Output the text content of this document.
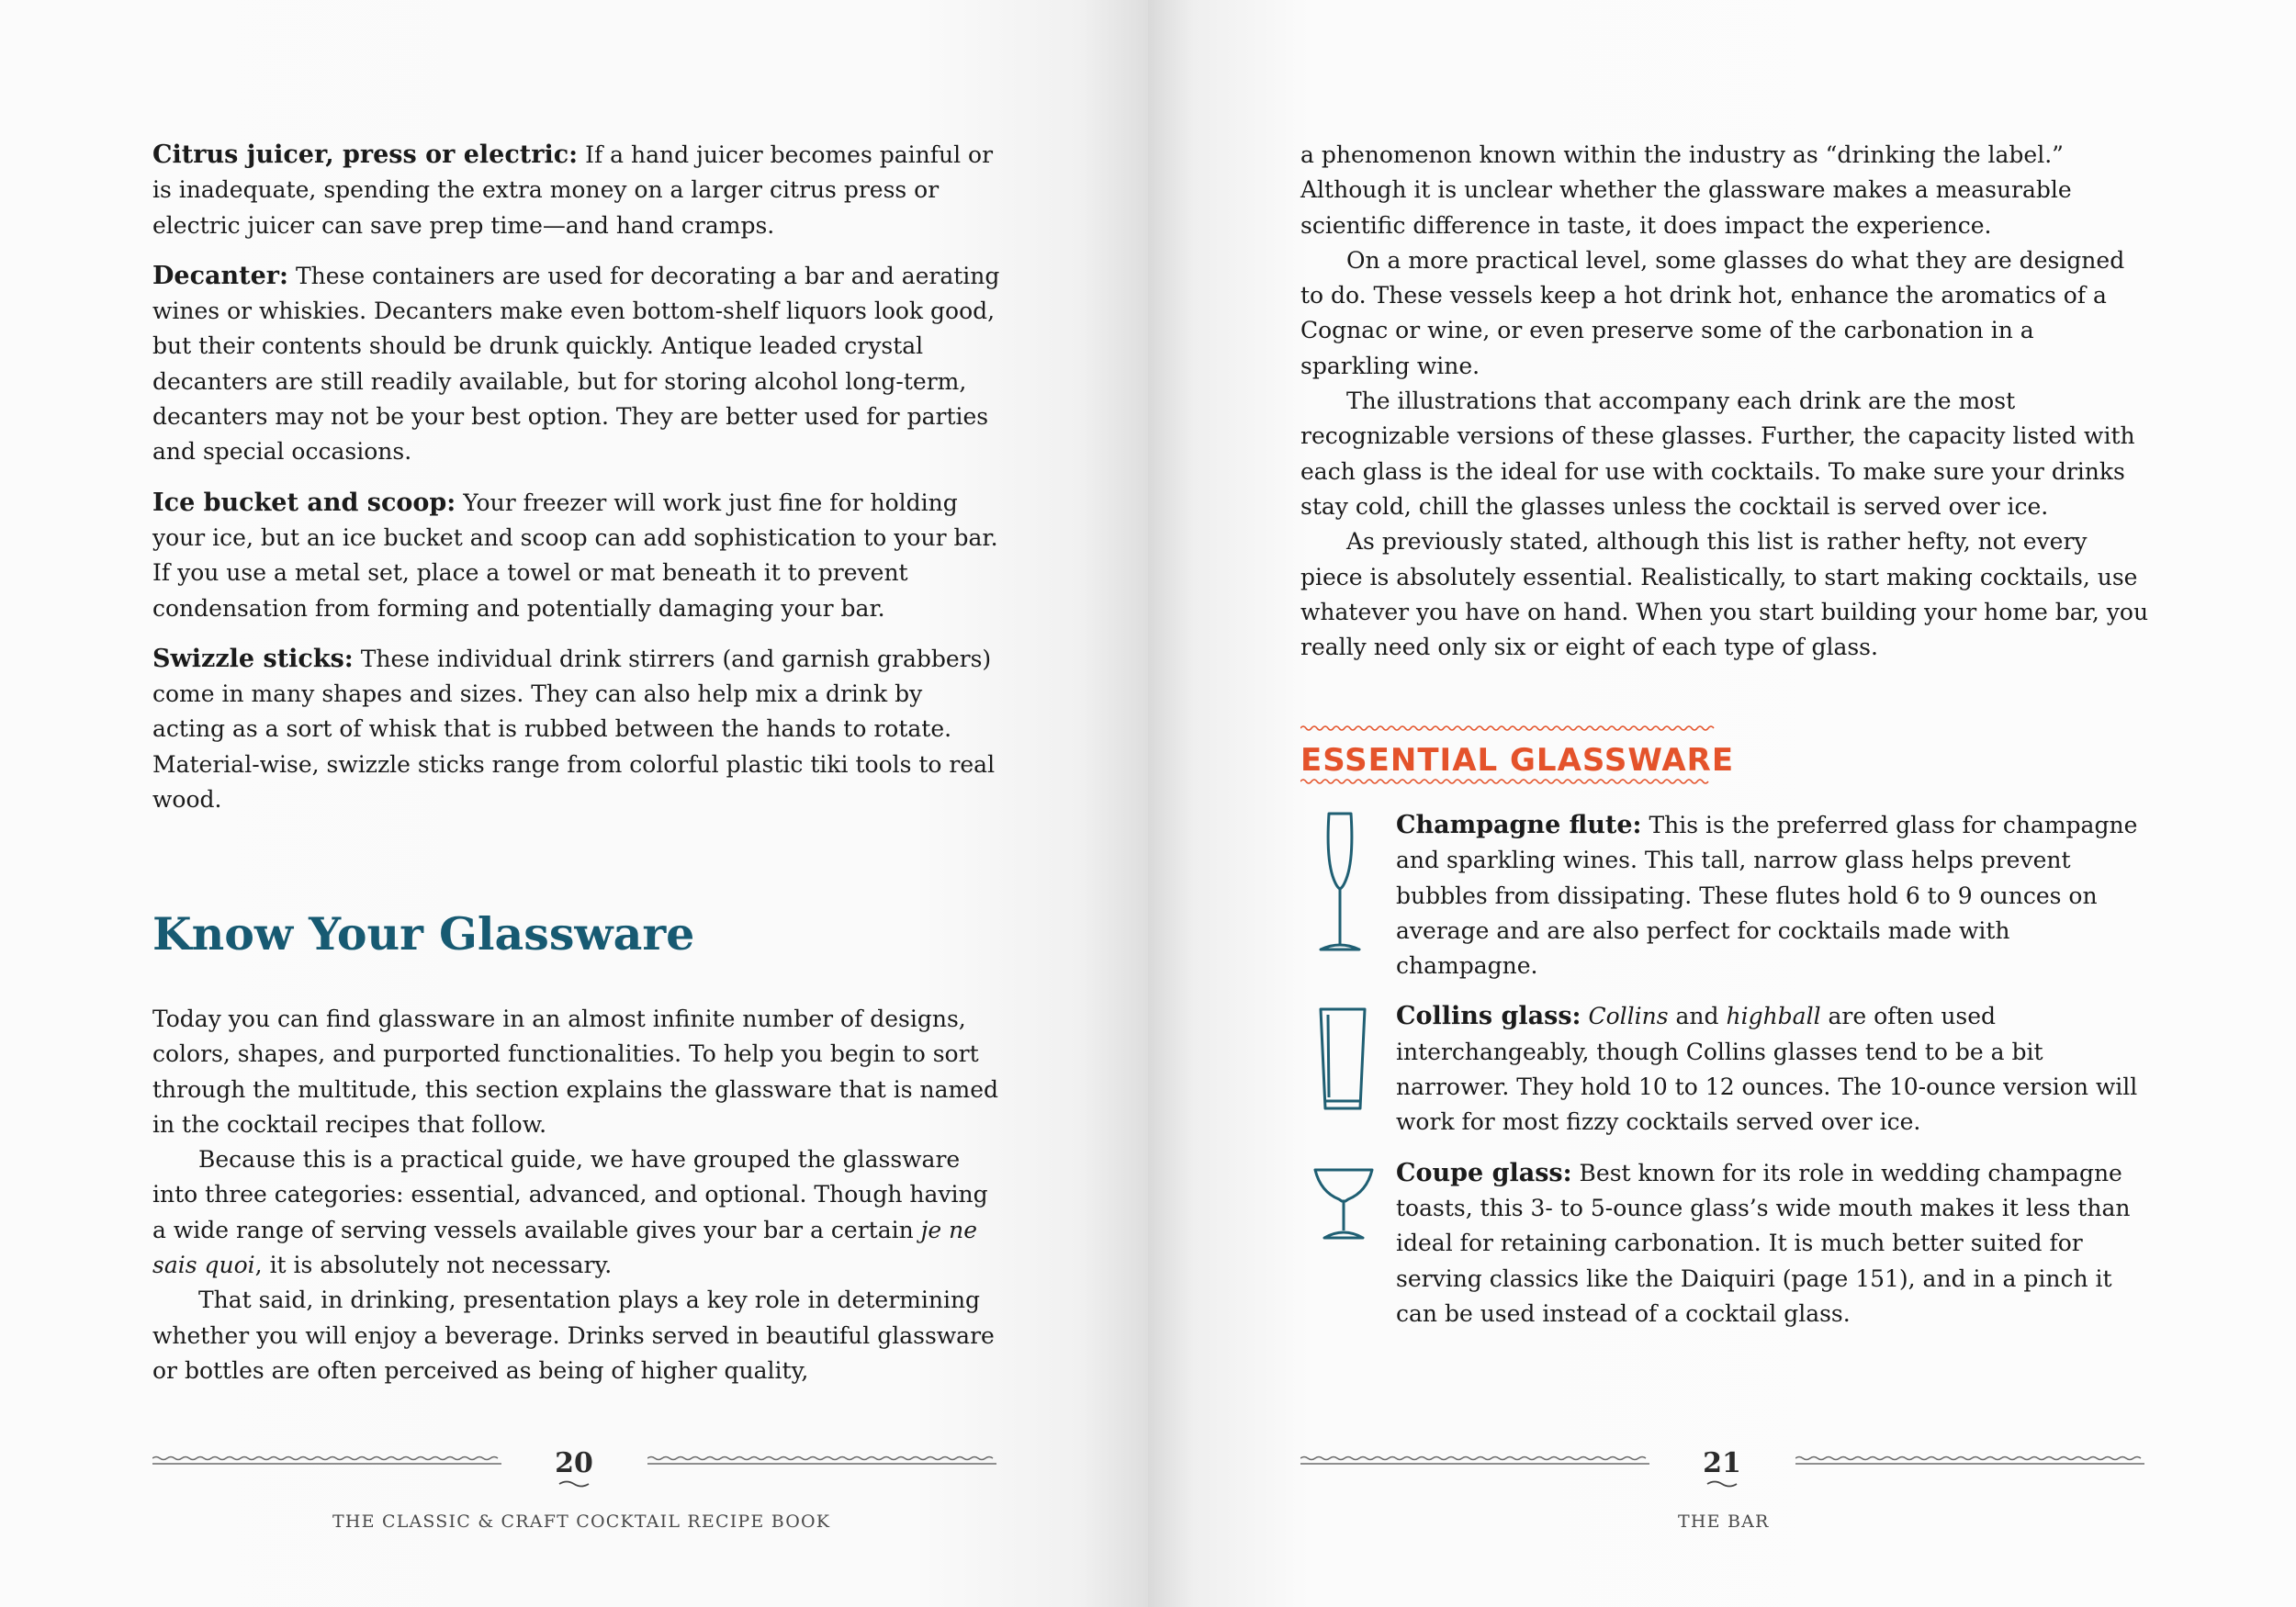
Citrus juicer, press or electric: If a hand juicer becomes painful or is inadequate, spending the extra money on a larger citrus press or electric juicer can save prep time—and hand cramps.

Decanter: These containers are used for decorating a bar and aerating wines or whiskies. Decanters make even bottom-shelf liquors look good, but their contents should be drunk quickly. Antique leaded crystal decanters are still readily available, but for storing alcohol long-term, decanters may not be your best option. They are better used for parties and special occasions.

Ice bucket and scoop: Your freezer will work just fine for holding your ice, but an ice bucket and scoop can add sophistication to your bar. If you use a metal set, place a towel or mat beneath it to prevent condensation from forming and potentially damaging your bar.

Swizzle sticks: These individual drink stirrers (and garnish grabbers) come in many shapes and sizes. They can also help mix a drink by acting as a sort of whisk that is rubbed between the hands to rotate. Material-wise, swizzle sticks range from colorful plastic tiki tools to real wood.

Know Your Glassware

Today you can find glassware in an almost infinite number of designs, colors, shapes, and purported functionalities. To help you begin to sort through the multitude, this section explains the glassware that is named in the cocktail recipes that follow.

Because this is a practical guide, we have grouped the glassware into three categories: essential, advanced, and optional. Though having a wide range of serving vessels available gives your bar a certain je ne sais quoi, it is absolutely not necessary.

That said, in drinking, presentation plays a key role in determining whether you will enjoy a beverage. Drinks served in beautiful glassware or bottles are often perceived as being of higher quality,

20
THE CLASSIC & CRAFT COCKTAIL RECIPE BOOK

a phenomenon known within the industry as “drinking the label.” Although it is unclear whether the glassware makes a measurable scientific difference in taste, it does impact the experience.

On a more practical level, some glasses do what they are designed to do. These vessels keep a hot drink hot, enhance the aromatics of a Cognac or wine, or even preserve some of the carbonation in a sparkling wine.

The illustrations that accompany each drink are the most recognizable versions of these glasses. Further, the capacity listed with each glass is the ideal for use with cocktails. To make sure your drinks stay cold, chill the glasses unless the cocktail is served over ice.

As previously stated, although this list is rather hefty, not every piece is absolutely essential. Realistically, to start making cocktails, use whatever you have on hand. When you start building your home bar, you really need only six or eight of each type of glass.

ESSENTIAL GLASSWARE

Champagne flute: This is the preferred glass for champagne and sparkling wines. This tall, narrow glass helps prevent bubbles from dissipating. These flutes hold 6 to 9 ounces on average and are also perfect for cocktails made with champagne.

Collins glass: Collins and highball are often used interchangeably, though Collins glasses tend to be a bit narrower. They hold 10 to 12 ounces. The 10-ounce version will work for most fizzy cocktails served over ice.

Coupe glass: Best known for its role in wedding champagne toasts, this 3- to 5-ounce glass’s wide mouth makes it less than ideal for retaining carbonation. It is much better suited for serving classics like the Daiquiri (page 151), and in a pinch it can be used instead of a cocktail glass.

21
THE BAR
